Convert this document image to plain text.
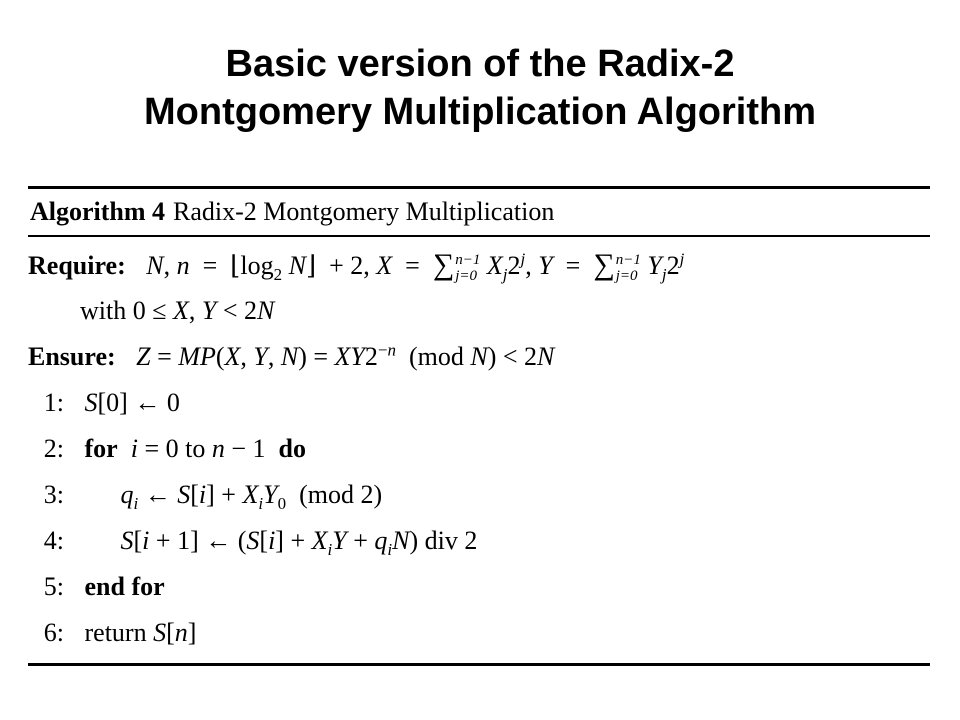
Basic version of the Radix-2
Montgomery Multiplication Algorithm
Algorithm 4 Radix-2 Montgomery Multiplication
Require: N, $n = ⌊\log_2$ N⌋  + 2, X  =  ∑ n−1
j=0 $X_j2^j$, Y  =  ∑ n−1
j=0 $Y_j2^j$
with 0 ≤ X, Y < 2N
Ensure: Z = MP(X, Y, $N) = XY2^{-n}$  (mod N) < 2N
1: S[0] ← 0
2: for i = 0 to n − 1  do
3: $q_i$ ← $S[i] + X_iY_0$  (mod 2)
4: S[i + 1] ← $(S[i] + X_iY + q_iN)$ div 2
5: end for
6: return S[n]
